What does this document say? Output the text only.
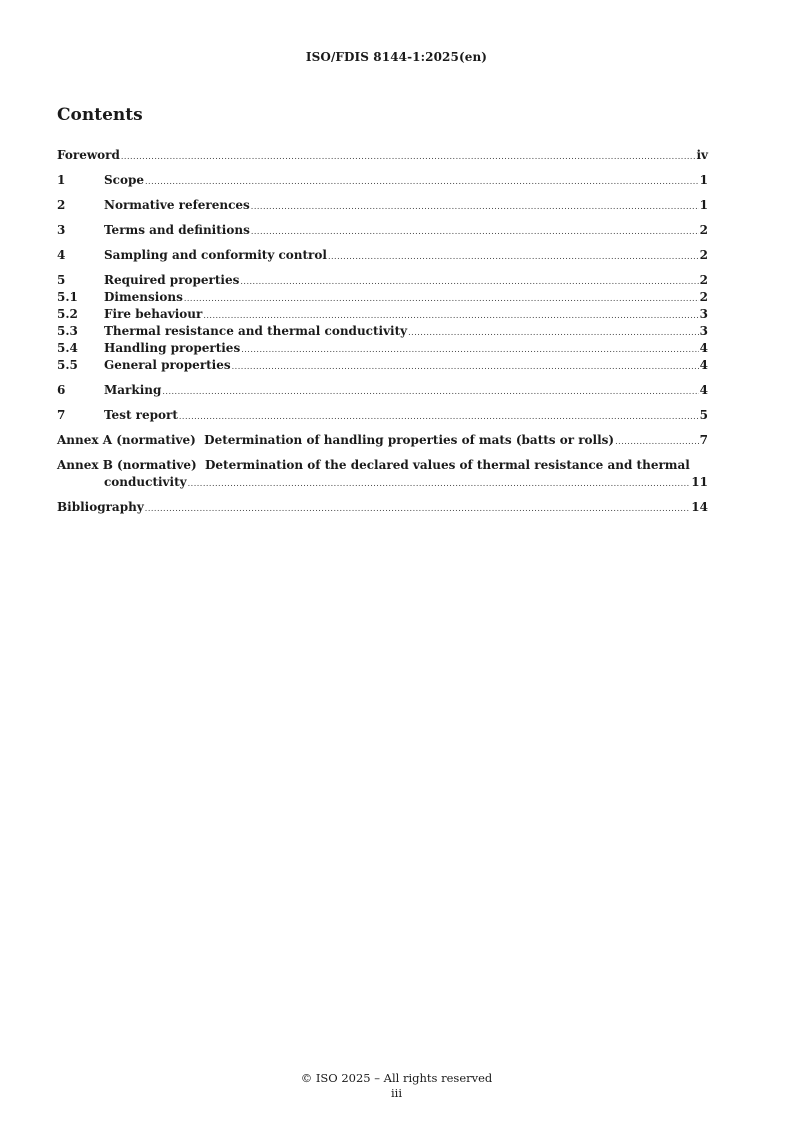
ISO/FDIS 8144-1:2025(en)
Contents
Foreword .....	iv
1	Scope .....	1
2	Normative references .....	1
3	Terms and definitions .....	2
4	Sampling and conformity control .....	2
5	Required properties .....	2
5.1	Dimensions .....	2
5.2	Fire behaviour .....	3
5.3	Thermal resistance and thermal conductivity .....	3
5.4	Handling properties .....	4
5.5	General properties .....	4
6	Marking .....	4
7	Test report .....	5
Annex A (normative)  Determination of handling properties of mats (batts or rolls) .....	7
Annex B (normative)  Determination of the declared values of thermal resistance and thermal
conductivity .....	11
Bibliography .....	14
© ISO 2025 – All rights reserved
iii
